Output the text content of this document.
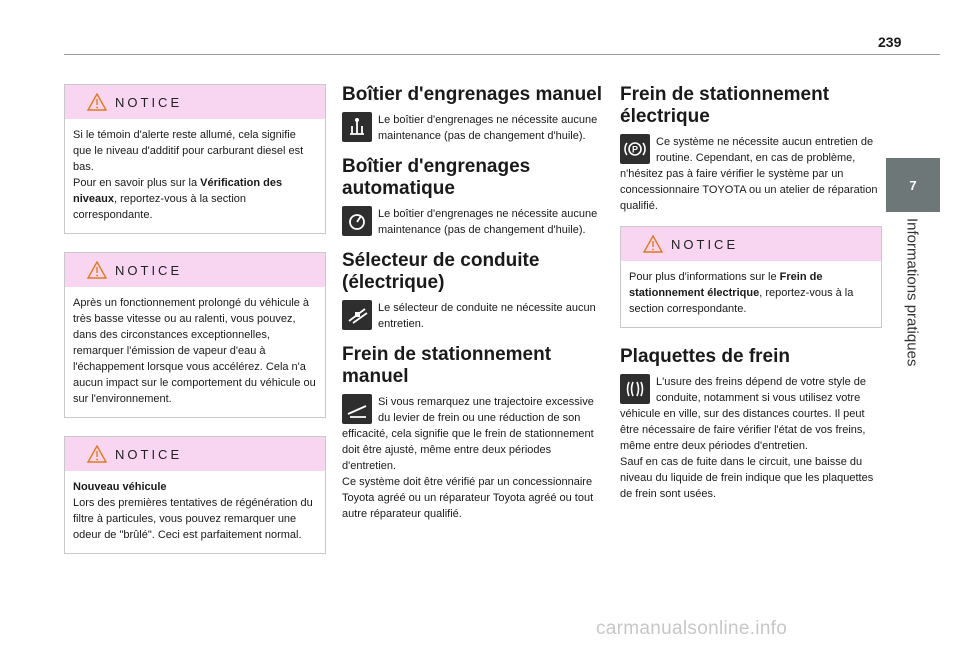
239
7
Informations pratiques
NOTICE
Si le témoin d'alerte reste allumé, cela signifie que le niveau d'additif pour carburant diesel est bas.
Pour en savoir plus sur la Vérification des niveaux, reportez-vous à la section correspondante.
NOTICE
Après un fonctionnement prolongé du véhicule à très basse vitesse ou au ralenti, vous pouvez, dans des circonstances exceptionnelles, remarquer l'émission de vapeur d'eau à l'échappement lorsque vous accélérez. Cela n'a aucun impact sur le comportement du véhicule ou sur l'environnement.
NOTICE
Nouveau véhicule
Lors des premières tentatives de régénération du filtre à particules, vous pouvez remarquer une odeur de "brûlé". Ceci est parfaitement normal.
Boîtier d'engrenages manuel
Le boîtier d'engrenages ne nécessite aucune maintenance (pas de changement d'huile).
Boîtier d'engrenages automatique
Le boîtier d'engrenages ne nécessite aucune maintenance (pas de changement d'huile).
Sélecteur de conduite (électrique)
Le sélecteur de conduite ne nécessite aucun entretien.
Frein de stationnement manuel
Si vous remarquez une trajectoire excessive du levier de frein ou une réduction de son efficacité, cela signifie que le frein de stationnement doit être ajusté, même entre deux périodes d'entretien.
Ce système doit être vérifié par un concessionnaire Toyota agréé ou un réparateur Toyota agréé ou tout autre réparateur qualifié.
Frein de stationnement électrique
P
Ce système ne nécessite aucun entretien de routine. Cependant, en cas de problème, n'hésitez pas à faire vérifier le système par un concessionnaire TOYOTA ou un atelier de réparation qualifié.
NOTICE
Pour plus d'informations sur le Frein de stationnement électrique, reportez-vous à la section correspondante.
Plaquettes de frein
L'usure des freins dépend de votre style de conduite, notamment si vous utilisez votre véhicule en ville, sur des distances courtes. Il peut être nécessaire de faire vérifier l'état de vos freins, même entre deux périodes d'entretien.
Sauf en cas de fuite dans le circuit, une baisse du niveau du liquide de frein indique que les plaquettes de frein sont usées.
carmanualsonline.info
